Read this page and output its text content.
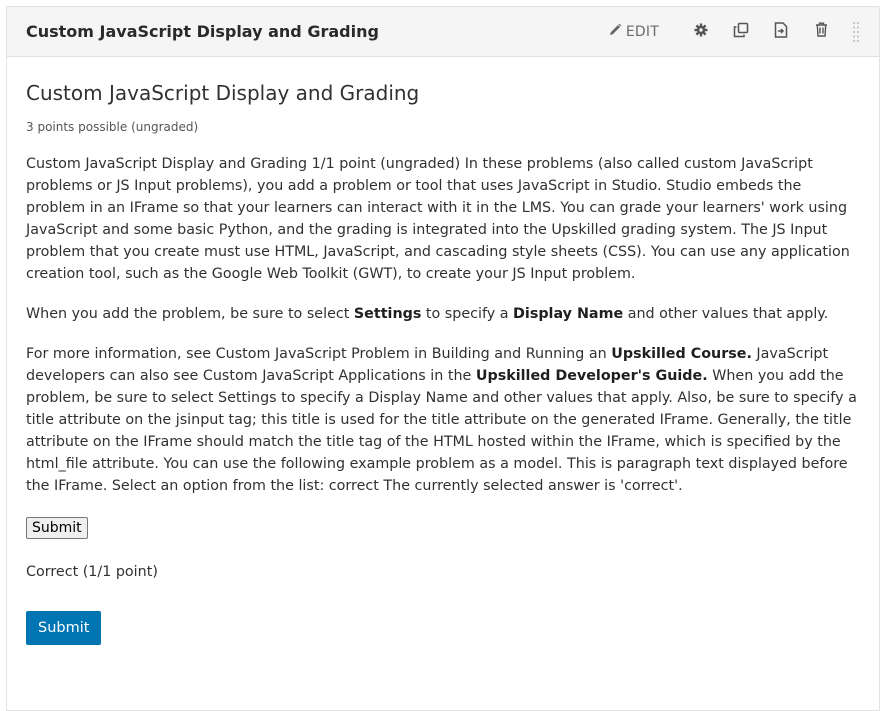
Custom JavaScript Display and Grading	EDIT
Custom JavaScript Display and Grading
3 points possible (ungraded)

Custom JavaScript Display and Grading 1/1 point (ungraded) In these problems (also called custom JavaScript problems or JS Input problems), you add a problem or tool that uses JavaScript in Studio. Studio embeds the problem in an IFrame so that your learners can interact with it in the LMS. You can grade your learners' work using JavaScript and some basic Python, and the grading is integrated into the Upskilled grading system. The JS Input problem that you create must use HTML, JavaScript, and cascading style sheets (CSS). You can use any application creation tool, such as the Google Web Toolkit (GWT), to create your JS Input problem.

When you add the problem, be sure to select Settings to specify a Display Name and other values that apply.

For more information, see Custom JavaScript Problem in Building and Running an Upskilled Course. JavaScript developers can also see Custom JavaScript Applications in the Upskilled Developer's Guide. When you add the problem, be sure to select Settings to specify a Display Name and other values that apply. Also, be sure to specify a title attribute on the jsinput tag; this title is used for the title attribute on the generated IFrame. Generally, the title attribute on the IFrame should match the title tag of the HTML hosted within the IFrame, which is specified by the html_file attribute. You can use the following example problem as a model. This is paragraph text displayed before the IFrame. Select an option from the list: correct The currently selected answer is 'correct'.

Submit
Correct (1/1 point)
Submit
